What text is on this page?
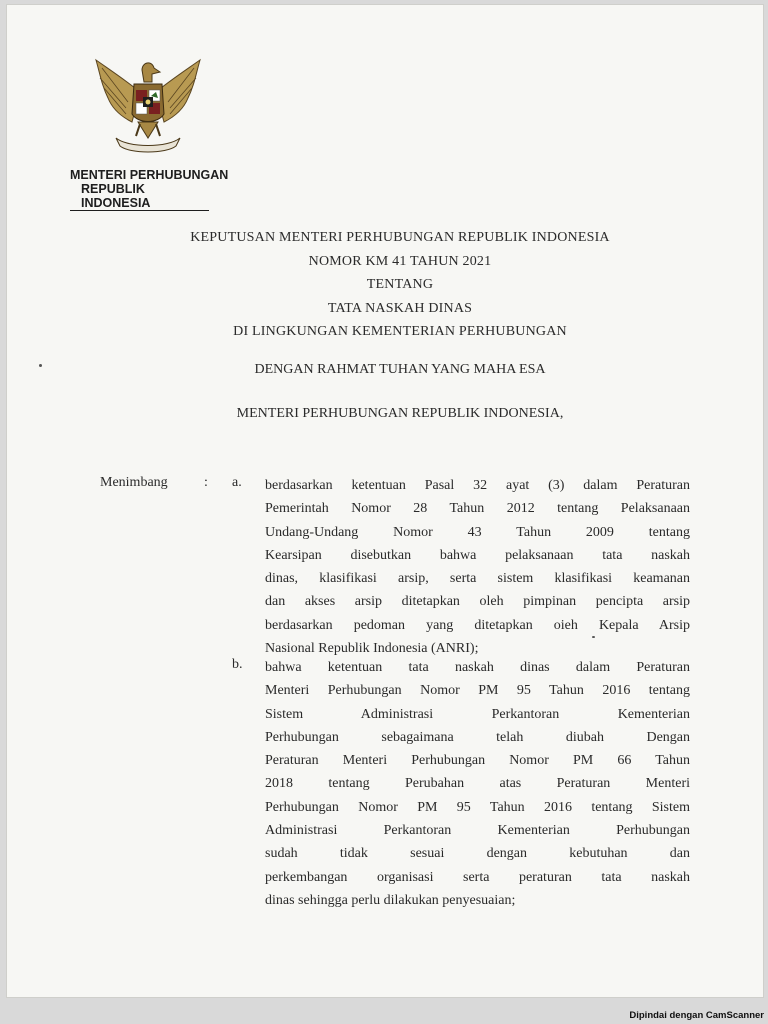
MENTERI PERHUBUNGAN
REPUBLIK INDONESIA
KEPUTUSAN MENTERI PERHUBUNGAN REPUBLIK INDONESIA
NOMOR KM 41 TAHUN 2021
TENTANG
TATA NASKAH DINAS
DI LINGKUNGAN KEMENTERIAN PERHUBUNGAN
DENGAN RAHMAT TUHAN YANG MAHA ESA
MENTERI PERHUBUNGAN REPUBLIK INDONESIA,
Menimbang	: a. berdasarkan ketentuan Pasal 32 ayat (3) dalam Peraturan
Pemerintah Nomor 28 Tahun 2012 tentang Pelaksanaan
Undang-Undang Nomor 43 Tahun 2009 tentang
Kearsipan disebutkan bahwa pelaksanaan tata naskah
dinas, klasifikasi arsip, serta sistem klasifikasi keamanan
dan akses arsip ditetapkan oleh pimpinan pencipta arsip
berdasarkan pedoman yang ditetapkan oieh Kepala Arsip
Nasional Republik Indonesia (ANRI);
b. bahwa ketentuan tata naskah dinas dalam Peraturan
Menteri Perhubungan Nomor PM 95 Tahun 2016 tentang
Sistem Administrasi Perkantoran Kementerian
Perhubungan sebagaimana telah diubah Dengan
Peraturan Menteri Perhubungan Nomor PM 66 Tahun
2018 tentang Perubahan atas Peraturan Menteri
Perhubungan Nomor PM 95 Tahun 2016 tentang Sistem
Administrasi Perkantoran Kementerian Perhubungan
sudah tidak sesuai dengan kebutuhan dan
perkembangan organisasi serta peraturan tata naskah
dinas sehingga perlu dilakukan penyesuaian;
Dipindai dengan CamScanner
